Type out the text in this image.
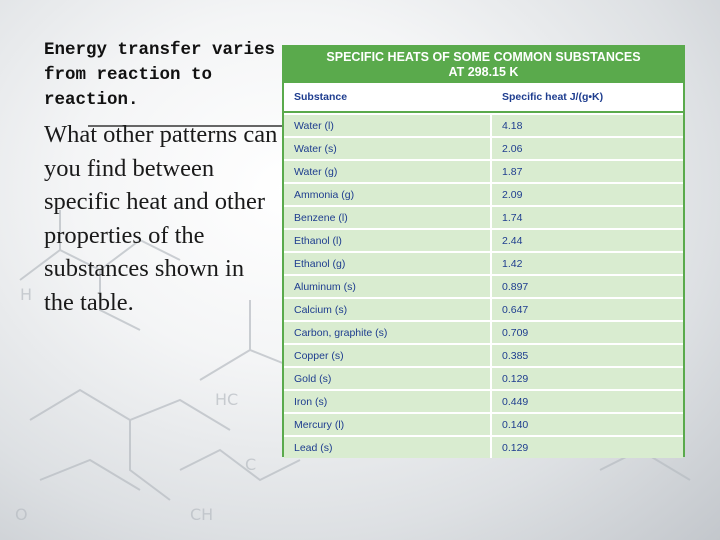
H
HC
C
CH
O
Energy transfer varies from reaction to reaction.

What other patterns can you find between specific heat and other properties of the substances shown in the table.

SPECIFIC HEATS OF SOME COMMON SUBSTANCES
AT 298.15 K
Substance	Specific heat J/(g•K)
Water (l)	4.18
Water (s)	2.06
Water (g)	1.87
Ammonia (g)	2.09
Benzene (l)	1.74
Ethanol (l)	2.44
Ethanol (g)	1.42
Aluminum (s)	0.897
Calcium (s)	0.647
Carbon, graphite (s)	0.709
Copper (s)	0.385
Gold (s)	0.129
Iron (s)	0.449
Mercury (l)	0.140
Lead (s)	0.129
